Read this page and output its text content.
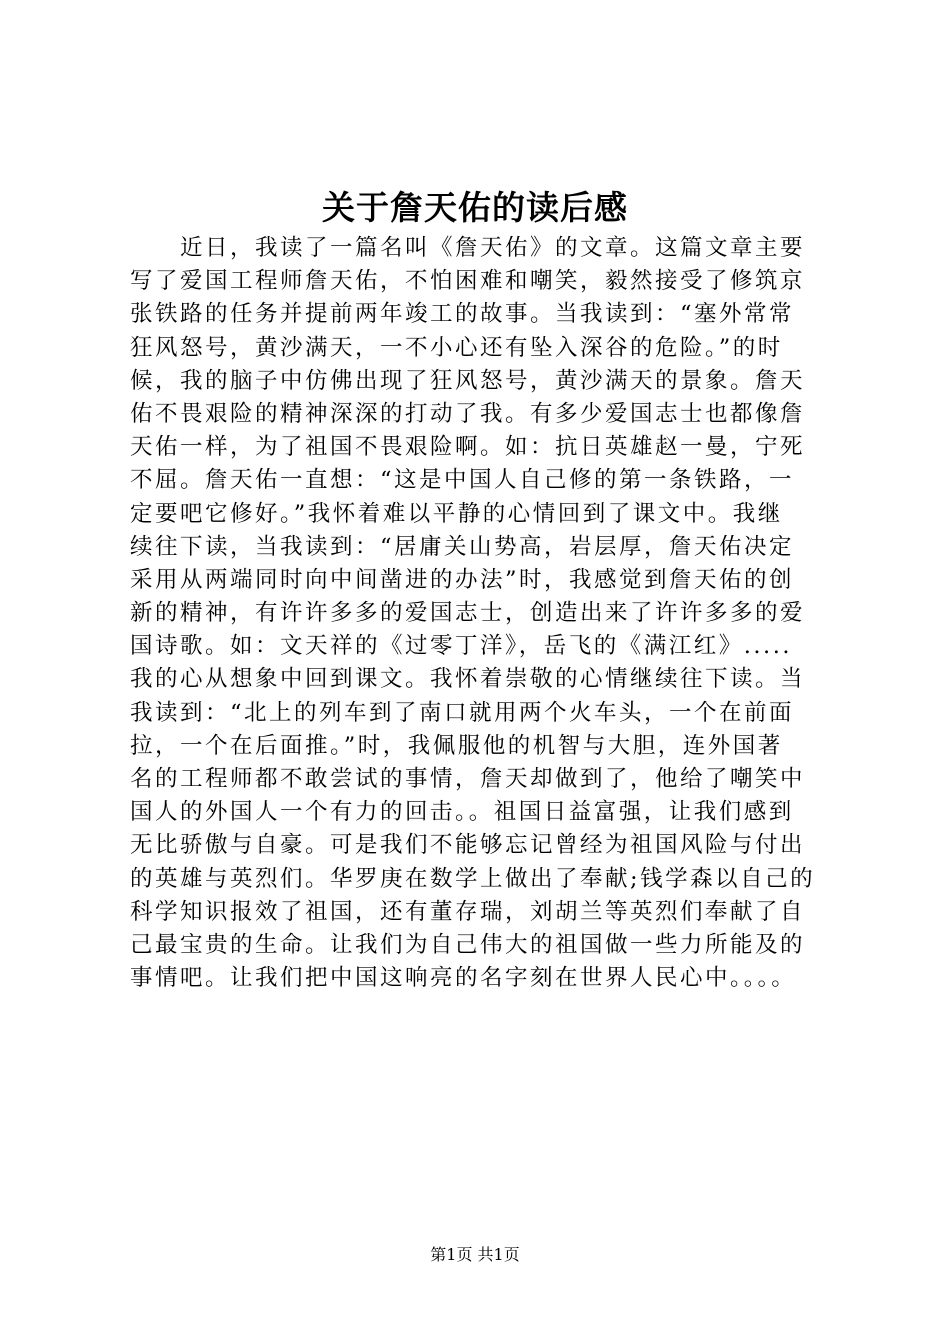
关于詹天佑的读后感
近日，我读了一篇名叫《詹天佑》的文章。这篇文章主要
写了爱国工程师詹天佑，不怕困难和嘲笑，毅然接受了修筑京
张铁路的任务并提前两年竣工的故事。当我读到：“塞外常常
狂风怒号，黄沙满天，一不小心还有坠入深谷的危险。”的时
候，我的脑子中仿佛出现了狂风怒号，黄沙满天的景象。詹天
佑不畏艰险的精神深深的打动了我。有多少爱国志士也都像詹
天佑一样，为了祖国不畏艰险啊。如：抗日英雄赵一曼，宁死
不屈。詹天佑一直想：“这是中国人自己修的第一条铁路，一
定要吧它修好。”我怀着难以平静的心情回到了课文中。我继
续往下读，当我读到：“居庸关山势高，岩层厚，詹天佑决定
采用从两端同时向中间凿进的办法”时，我感觉到詹天佑的创
新的精神，有许许多多的爱国志士，创造出来了许许多多的爱
国诗歌。如：文天祥的《过零丁洋》，岳飞的《满江红》.....
我的心从想象中回到课文。我怀着崇敬的心情继续往下读。当
我读到：“北上的列车到了南口就用两个火车头，一个在前面
拉，一个在后面推。”时，我佩服他的机智与大胆，连外国著
名的工程师都不敢尝试的事情，詹天却做到了，他给了嘲笑中
国人的外国人一个有力的回击。。祖国日益富强，让我们感到
无比骄傲与自豪。可是我们不能够忘记曾经为祖国风险与付出
的英雄与英烈们。华罗庚在数学上做出了奉献;钱学森以自己的
科学知识报效了祖国，还有董存瑞，刘胡兰等英烈们奉献了自
己最宝贵的生命。让我们为自己伟大的祖国做一些力所能及的
事情吧。让我们把中国这响亮的名字刻在世界人民心中。。。。
第1页 共1页
